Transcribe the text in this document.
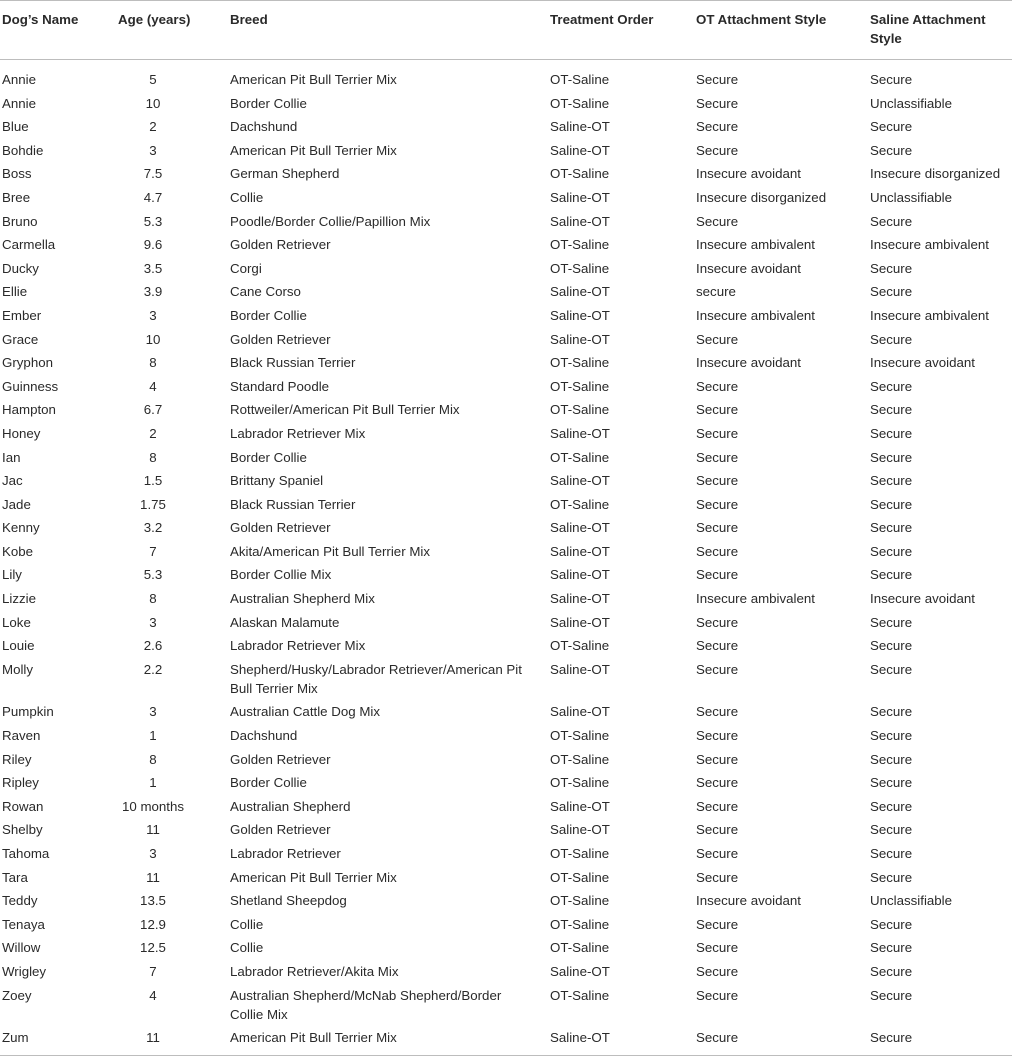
Dog’s Name	Age (years)	Breed	Treatment Order	OT Attachment Style	Saline Attachment Style
Annie	5	American Pit Bull Terrier Mix	OT-Saline	Secure	Secure
Annie	10	Border Collie	OT-Saline	Secure	Unclassifiable
Blue	2	Dachshund	Saline-OT	Secure	Secure
Bohdie	3	American Pit Bull Terrier Mix	Saline-OT	Secure	Secure
Boss	7.5	German Shepherd	OT-Saline	Insecure avoidant	Insecure disorganized
Bree	4.7	Collie	Saline-OT	Insecure disorganized	Unclassifiable
Bruno	5.3	Poodle/Border Collie/Papillion Mix	Saline-OT	Secure	Secure
Carmella	9.6	Golden Retriever	OT-Saline	Insecure ambivalent	Insecure ambivalent
Ducky	3.5	Corgi	OT-Saline	Insecure avoidant	Secure
Ellie	3.9	Cane Corso	Saline-OT	secure	Secure
Ember	3	Border Collie	Saline-OT	Insecure ambivalent	Insecure ambivalent
Grace	10	Golden Retriever	Saline-OT	Secure	Secure
Gryphon	8	Black Russian Terrier	OT-Saline	Insecure avoidant	Insecure avoidant
Guinness	4	Standard Poodle	OT-Saline	Secure	Secure
Hampton	6.7	Rottweiler/American Pit Bull Terrier Mix	OT-Saline	Secure	Secure
Honey	2	Labrador Retriever Mix	Saline-OT	Secure	Secure
Ian	8	Border Collie	OT-Saline	Secure	Secure
Jac	1.5	Brittany Spaniel	Saline-OT	Secure	Secure
Jade	1.75	Black Russian Terrier	OT-Saline	Secure	Secure
Kenny	3.2	Golden Retriever	Saline-OT	Secure	Secure
Kobe	7	Akita/American Pit Bull Terrier Mix	Saline-OT	Secure	Secure
Lily	5.3	Border Collie Mix	Saline-OT	Secure	Secure
Lizzie	8	Australian Shepherd Mix	Saline-OT	Insecure ambivalent	Insecure avoidant
Loke	3	Alaskan Malamute	Saline-OT	Secure	Secure
Louie	2.6	Labrador Retriever Mix	OT-Saline	Secure	Secure
Molly	2.2	Shepherd/Husky/Labrador Retriever/American Pit Bull Terrier Mix	Saline-OT	Secure	Secure
Pumpkin	3	Australian Cattle Dog Mix	Saline-OT	Secure	Secure
Raven	1	Dachshund	OT-Saline	Secure	Secure
Riley	8	Golden Retriever	OT-Saline	Secure	Secure
Ripley	1	Border Collie	OT-Saline	Secure	Secure
Rowan	10 months	Australian Shepherd	Saline-OT	Secure	Secure
Shelby	11	Golden Retriever	Saline-OT	Secure	Secure
Tahoma	3	Labrador Retriever	OT-Saline	Secure	Secure
Tara	11	American Pit Bull Terrier Mix	OT-Saline	Secure	Secure
Teddy	13.5	Shetland Sheepdog	OT-Saline	Insecure avoidant	Unclassifiable
Tenaya	12.9	Collie	OT-Saline	Secure	Secure
Willow	12.5	Collie	OT-Saline	Secure	Secure
Wrigley	7	Labrador Retriever/Akita Mix	Saline-OT	Secure	Secure
Zoey	4	Australian Shepherd/McNab Shepherd/Border Collie Mix	OT-Saline	Secure	Secure
Zum	11	American Pit Bull Terrier Mix	Saline-OT	Secure	Secure
